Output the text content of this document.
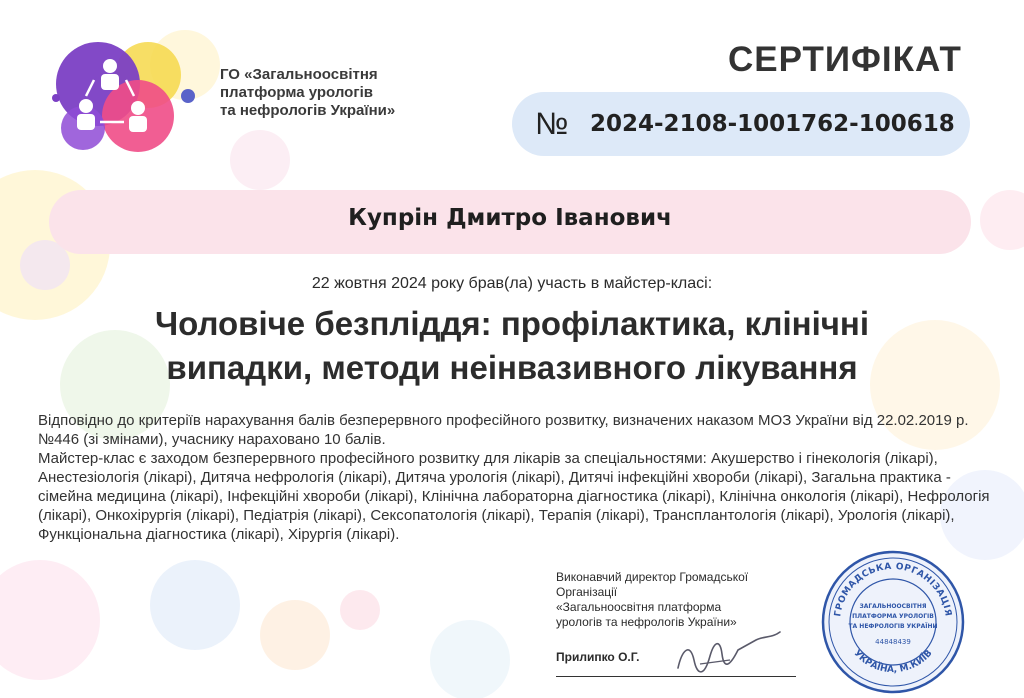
ГО «Загальноосвітня
платформа урологів
та нефрологів України»
СЕРТИФІКАТ
№ 2024-2108-1001762-100618
Купрін Дмитро Іванович
22 жовтня 2024 року брав(ла) участь в майстер-класі:
Чоловіче безпліддя: профілактика, клінічні
випадки, методи неінвазивного лікування

Відповідно до критеріїв нарахування балів безперервного професійного розвитку, визначених наказом МОЗ України від 22.02.2019 р. №446 (зі змінами), учаснику нараховано 10 балів.

Майстер-клас є заходом безперервного професійного розвитку для лікарів за спеціальностями: Акушерство і гінекологія (лікарі), Анестезіологія (лікарі), Дитяча нефрологія (лікарі), Дитяча урологія (лікарі), Дитячі інфекційні хвороби (лікарі), Загальна практика - сімейна медицина (лікарі), Інфекційні хвороби (лікарі), Клінічна лабораторна діагностика (лікарі), Клінічна онкологія (лікарі), Нефрологія (лікарі), Онкохірургія (лікарі), Педіатрія (лікарі), Сексопатологія (лікарі), Терапія (лікарі), Трансплантологія (лікарі), Урологія (лікарі), Функціональна діагностика (лікарі), Хірургія (лікарі).

Виконавчий директор Громадської
Організації
«Загальноосвітня платформа
урологів та нефрологів України»
Прилипко О.Г.
ГРОМАДСЬКА ОРГАНІЗАЦІЯ
УКРАЇНА, М.КИЇВ
ЗАГАЛЬНООСВІТНЯ
ПЛАТФОРМА УРОЛОГІВ
ТА НЕФРОЛОГІВ УКРАЇНИ
44848439
